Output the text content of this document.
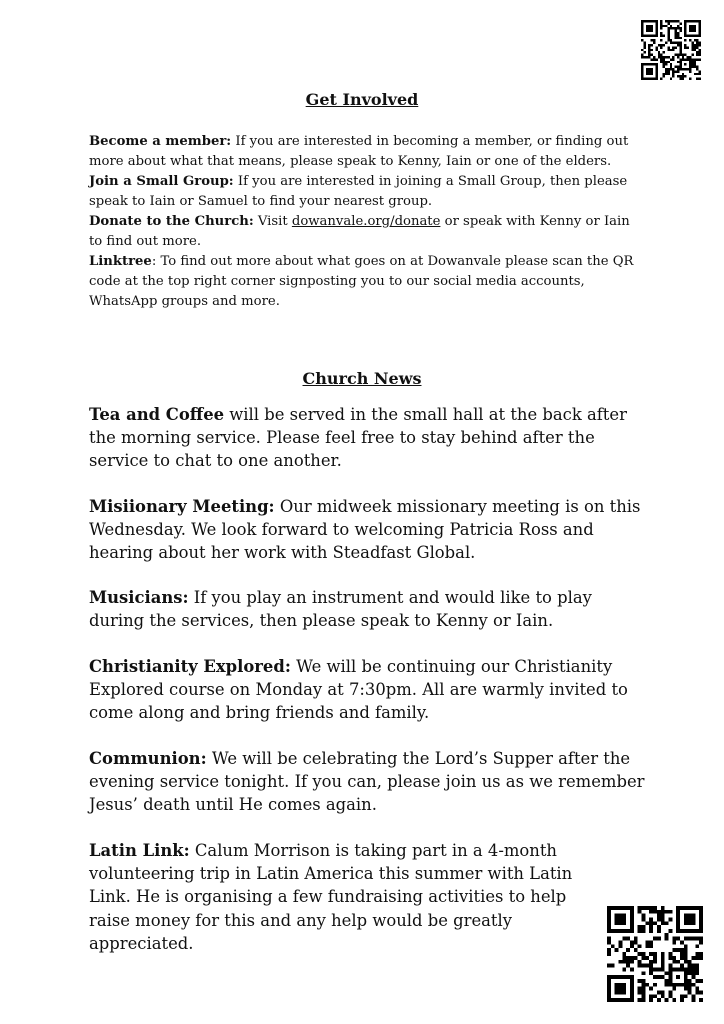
Get Involved

Become a member: If you are interested in becoming a member, or finding out more about what that means, please speak to Kenny, Iain or one of the elders.

Join a Small Group: If you are interested in joining a Small Group, then please speak to Iain or Samuel to find your nearest group.

Donate to the Church: Visit dowanvale.org/donate or speak with Kenny or Iain to find out more.

Linktree: To find out more about what goes on at Dowanvale please scan the QR code at the top right corner signposting you to our social media accounts, WhatsApp groups and more.

Church News

Tea and Coffee will be served in the small hall at the back after the morning service. Please feel free to stay behind after the service to chat to one another.

Misiionary Meeting: Our midweek missionary meeting is on this Wednesday. We look forward to welcoming Patricia Ross and hearing about her work with Steadfast Global.

Musicians: If you play an instrument and would like to play during the services, then please speak to Kenny or Iain.

Christianity Explored: We will be continuing our Christianity Explored course on Monday at 7:30pm. All are warmly invited to come along and bring friends and family.

Communion: We will be celebrating the Lord’s Supper after the evening service tonight. If you can, please join us as we remember Jesus’ death until He comes again.

Latin Link: Calum Morrison is taking part in a 4-month volunteering trip in Latin America this summer with Latin Link. He is organising a few fundraising activities to help raise money for this and any help would be greatly appreciated.
